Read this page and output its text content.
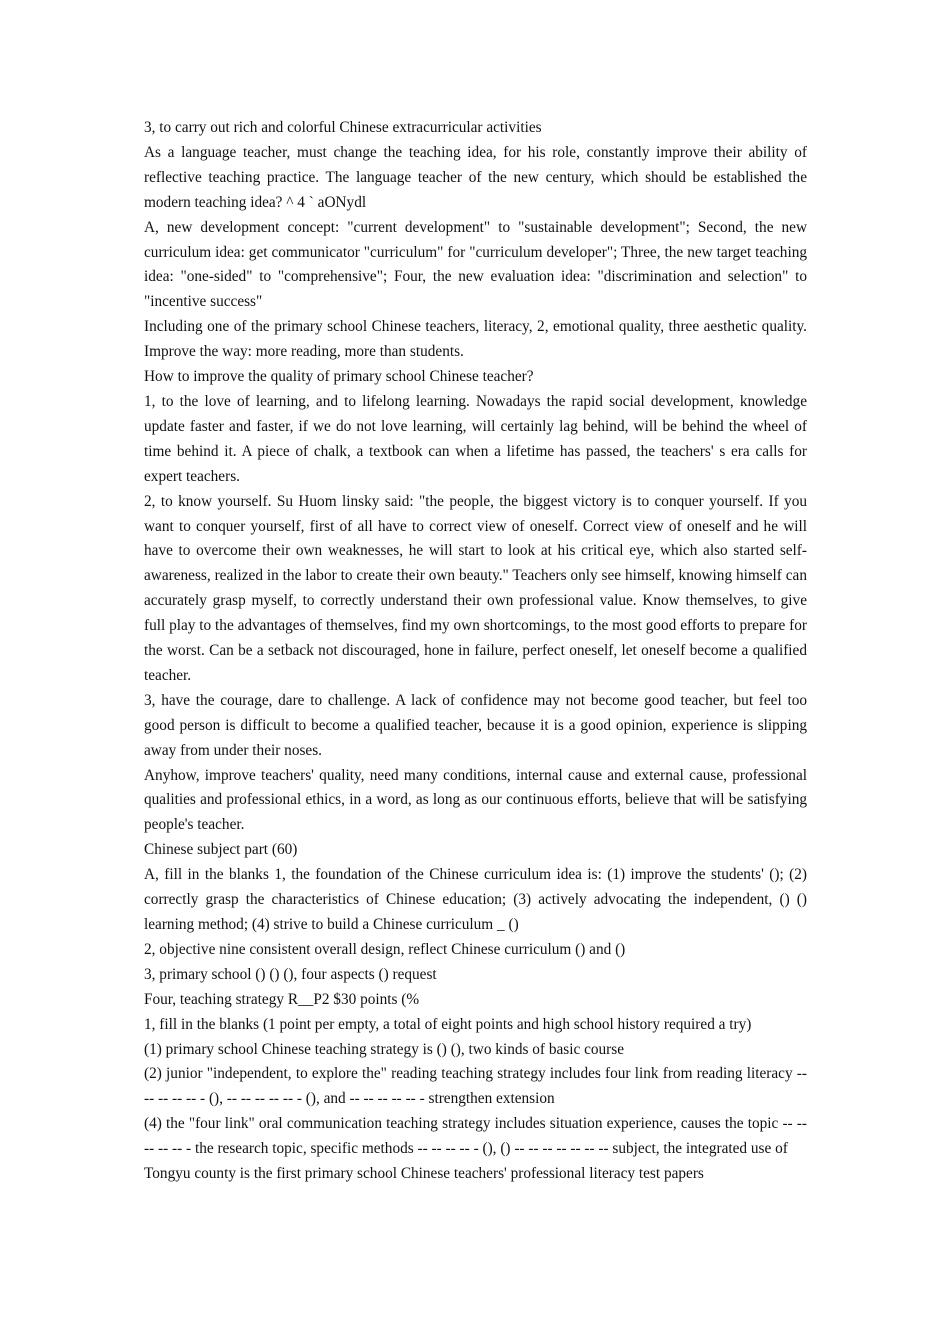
3, to carry out rich and colorful Chinese extracurricular activities

As a language teacher, must change the teaching idea, for his role, constantly improve their ability of reflective teaching practice. The language teacher of the new century, which should be established the modern teaching idea? ^ 4 ` aONydl

A, new development concept: "current development" to "sustainable development"; Second, the new curriculum idea: get communicator "curriculum" for "curriculum developer"; Three, the new target teaching idea: "one-sided" to "comprehensive"; Four, the new evaluation idea: "discrimination and selection" to "incentive success"

Including one of the primary school Chinese teachers, literacy, 2, emotional quality, three aesthetic quality. Improve the way: more reading, more than students.

How to improve the quality of primary school Chinese teacher?

1, to the love of learning, and to lifelong learning. Nowadays the rapid social development, knowledge update faster and faster, if we do not love learning, will certainly lag behind, will be behind the wheel of time behind it. A piece of chalk, a textbook can when a lifetime has passed, the teachers' s era calls for expert teachers.

2, to know yourself. Su Huom linsky said: "the people, the biggest victory is to conquer yourself. If you want to conquer yourself, first of all have to correct view of oneself. Correct view of oneself and he will have to overcome their own weaknesses, he will start to look at his critical eye, which also started self-awareness, realized in the labor to create their own beauty." Teachers only see himself, knowing himself can accurately grasp myself, to correctly understand their own professional value. Know themselves, to give full play to the advantages of themselves, find my own shortcomings, to the most good efforts to prepare for the worst. Can be a setback not discouraged, hone in failure, perfect oneself, let oneself become a qualified teacher.

3, have the courage, dare to challenge. A lack of confidence may not become good teacher, but feel too good person is difficult to become a qualified teacher, because it is a good opinion, experience is slipping away from under their noses.

Anyhow, improve teachers' quality, need many conditions, internal cause and external cause, professional qualities and professional ethics, in a word, as long as our continuous efforts, believe that will be satisfying people's teacher.

Chinese subject part (60)

A, fill in the blanks 1, the foundation of the Chinese curriculum idea is: (1) improve the students' (); (2) correctly grasp the characteristics of Chinese education; (3) actively advocating the independent, () () learning method; (4) strive to build a Chinese curriculum _ ()

2, objective nine consistent overall design, reflect Chinese curriculum () and ()

3, primary school () () (), four aspects () request

Four, teaching strategy R__P2 $30 points (%

1, fill in the blanks (1 point per empty, a total of eight points and high school history required a try)

(1) primary school Chinese teaching strategy is () (), two kinds of basic course

(2) junior "independent, to explore the" reading teaching strategy includes four link from reading literacy -- -- -- -- -- - (), -- -- -- -- -- - (), and -- -- -- -- -- - strengthen extension

(4) the "four link" oral communication teaching strategy includes situation experience, causes the topic -- -- -- -- -- - the research topic, specific methods -- -- -- -- - (), () -- -- -- -- -- -- -- subject, the integrated use of

Tongyu county is the first primary school Chinese teachers' professional literacy test papers
